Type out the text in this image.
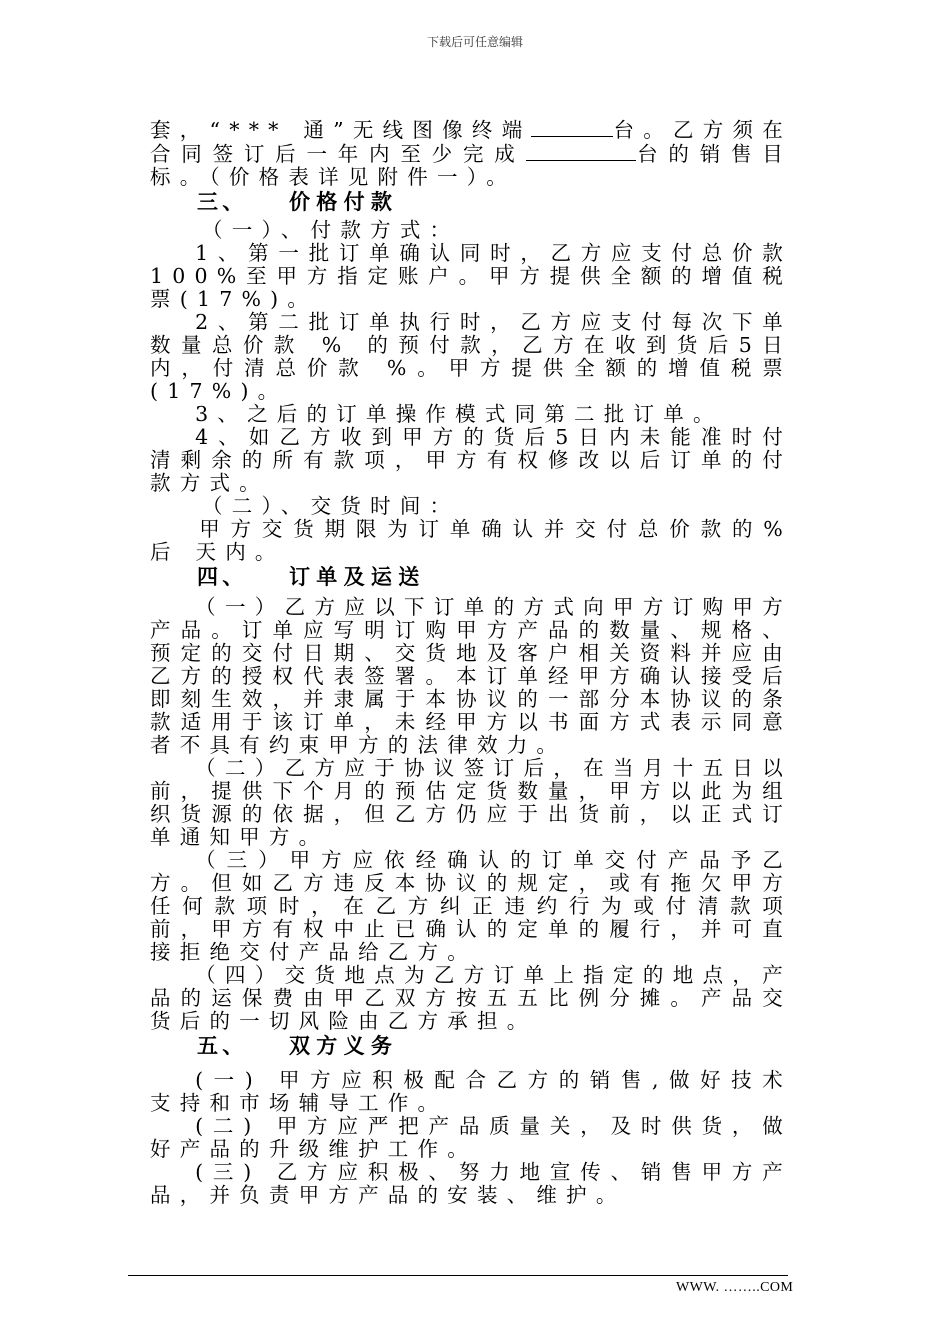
下载后可任意编辑

套，“*** 通”无线图像终端	台。乙方须在合同签订后一年内至少完成	台的销售目标。（价格表详见附件一）。

三、 价格付款

（一）、付款方式：

1、第一批订单确认同时，乙方应支付总价款100%至甲方指定账户。甲方提供全额的增值税票(17%)。

2、第二批订单执行时，乙方应支付每次下单数量总价款 % 的预付款，乙方在收到货后5日内，付清总价款 %。甲方提供全额的增值税票(17%)。

3、之后的订单操作模式同第二批订单。

4、如乙方收到甲方的货后5日内未能准时付清剩余的所有款项，甲方有权修改以后订单的付款方式。

（二）、交货时间：

甲方交货期限为订单确认并交付总价款的%后 天内。

四、 订单及运送

（一）乙方应以下订单的方式向甲方订购甲方产品。订单应写明订购甲方产品的数量、规格、预定的交付日期、交货地及客户相关资料并应由乙方的授权代表签署。本订单经甲方确认接受后即刻生效，并隶属于本协议的一部分本协议的条款适用于该订单，未经甲方以书面方式表示同意者不具有约束甲方的法律效力。

（二）乙方应于协议签订后，在当月十五日以前，提供下个月的预估定货数量，甲方以此为组织货源的依据，但乙方仍应于出货前，以正式订单通知甲方。

（三）甲方应依经确认的订单交付产品予乙方。但如乙方违反本协议的规定，或有拖欠甲方任何款项时，在乙方纠正违约行为或付清款项前，甲方有权中止已确认的定单的履行，并可直接拒绝交付产品给乙方。

（四）交货地点为乙方订单上指定的地点，产品的运保费由甲乙双方按五五比例分摊。产品交货后的一切风险由乙方承担。

五、 双方义务

(一) 甲方应积极配合乙方的销售,做好技术支持和市场辅导工作。

(二) 甲方应严把产品质量关，及时供货，做好产品的升级维护工作。

(三) 乙方应积极、努力地宣传、销售甲方产品，并负责甲方产品的安装、维护。

WWW. ……..COM
